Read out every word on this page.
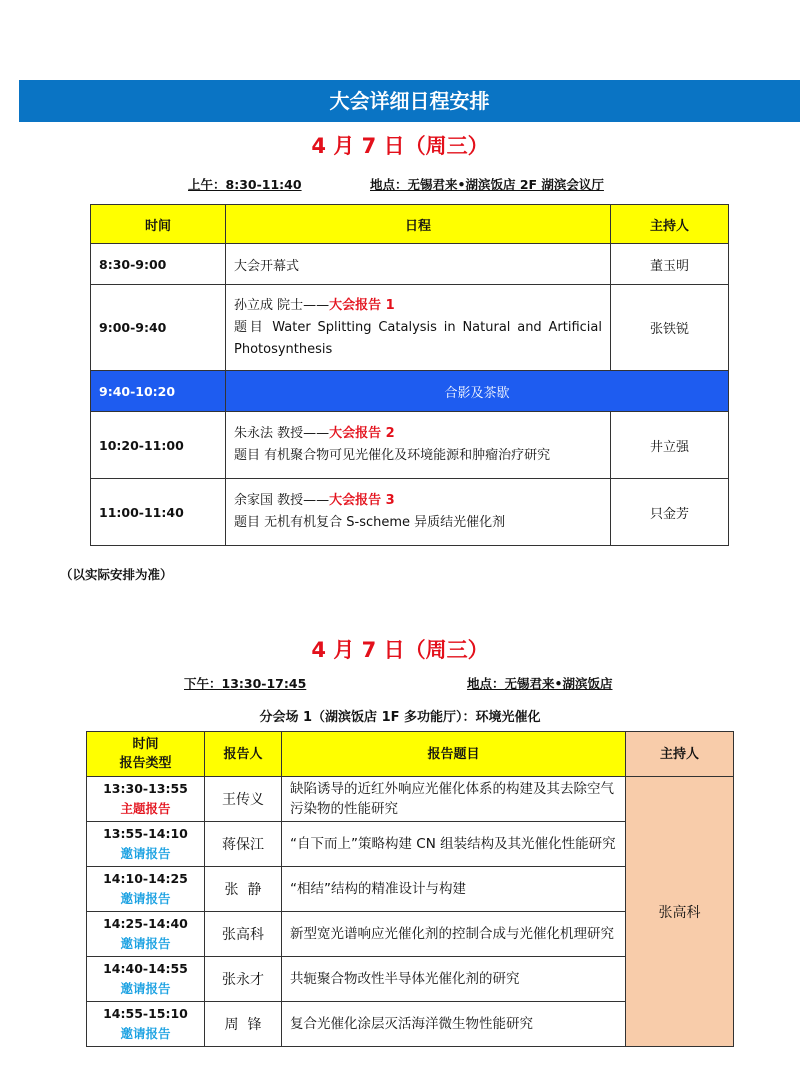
大会详细日程安排
4 月 7 日（周三）
上午：8:30-11:40	地点：无锡君来•湖滨饭店 2F 湖滨会议厅
时间	日程	主持人
8:30-9:00	大会开幕式	董玉明
9:00-9:40	孙立成 院士——大会报告 1
题目 Water Splitting Catalysis in Natural and Artificial Photosynthesis	张铁锐
9:40-10:20	合影及茶歇	
10:20-11:00	朱永法 教授——大会报告 2
题目 有机聚合物可见光催化及环境能源和肿瘤治疗研究	井立强
11:00-11:40	余家国 教授——大会报告 3
题目 无机有机复合 S-scheme 异质结光催化剂	只金芳
（以实际安排为准）
4 月 7 日（周三）
下午：13:30-17:45	地点：无锡君来•湖滨饭店
分会场 1（湖滨饭店 1F 多功能厅）：环境光催化
时间
报告类型	报告人	报告题目	主持人

13:30-13:55
主题报告	王传义	缺陷诱导的近红外响应光催化体系的构建及其去除空气污染物的性能研究	张高科

13:55-14:10
邀请报告	蒋保江	“自下而上”策略构建 CN 组装结构及其光催化性能研究	

14:10-14:25
邀请报告	张  静	“相结”结构的精准设计与构建	

14:25-14:40
邀请报告	张高科	新型宽光谱响应光催化剂的控制合成与光催化机理研究	

14:40-14:55
邀请报告	张永才	共轭聚合物改性半导体光催化剂的研究	

14:55-15:10
邀请报告	周  锋	复合光催化涂层灭活海洋微生物性能研究	
